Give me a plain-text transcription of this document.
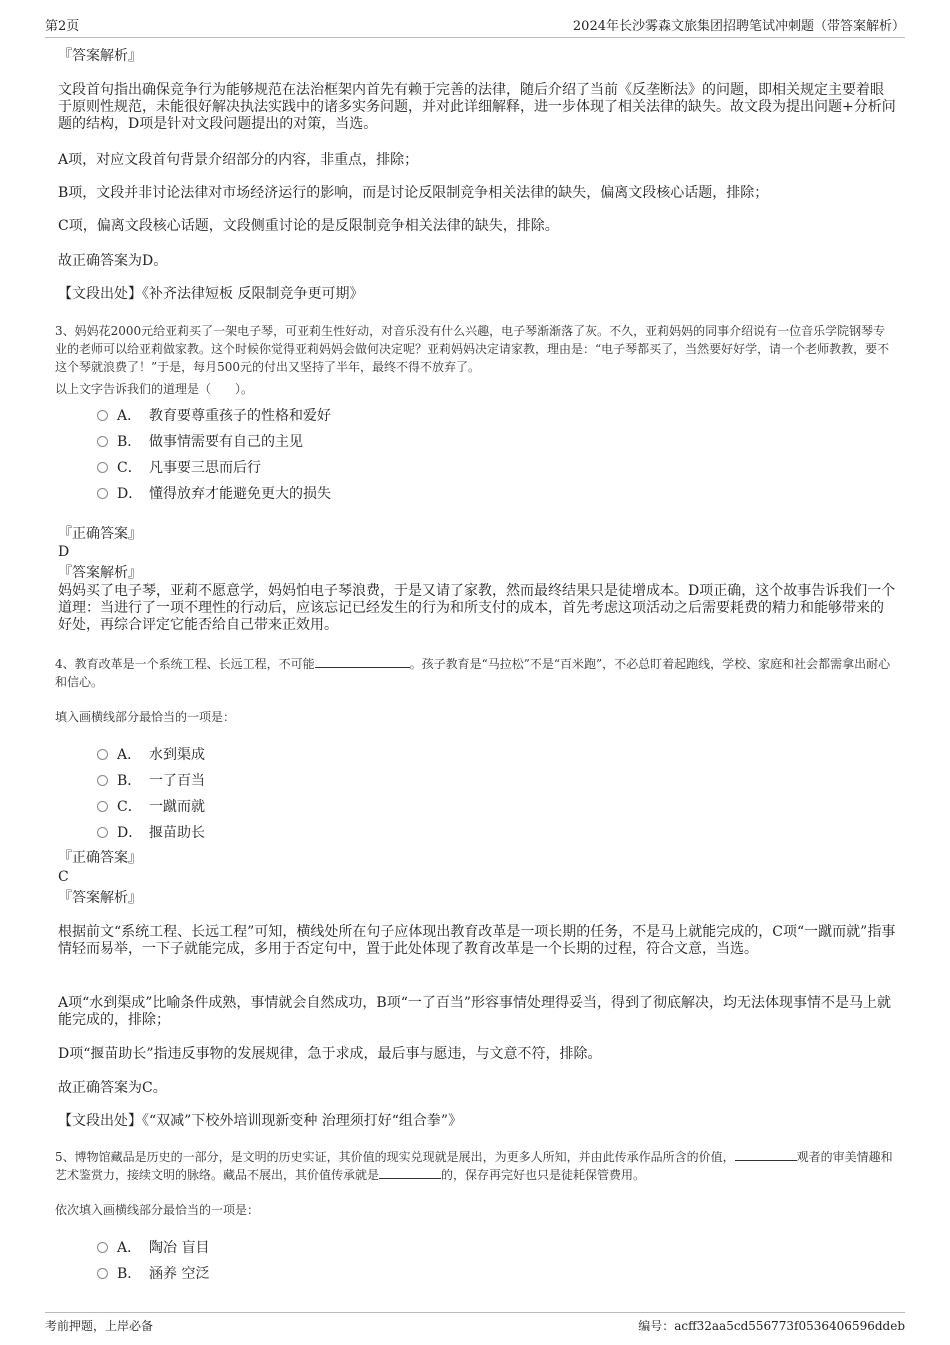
第2页	2024年长沙雾森文旅集团招聘笔试冲刺题（带答案解析）
『答案解析』
文段首句指出确保竞争行为能够规范在法治框架内首先有赖于完善的法律，随后介绍了当前《反垄断法》的问题，即相关规定主要着眼于原则性规范，未能很好解决执法实践中的诸多实务问题，并对此详细解释，进一步体现了相关法律的缺失。故文段为提出问题+分析问题的结构，D项是针对文段问题提出的对策，当选。
A项，对应文段首句背景介绍部分的内容，非重点，排除；
B项，文段并非讨论法律对市场经济运行的影响，而是讨论反限制竞争相关法律的缺失，偏离文段核心话题，排除；
C项，偏离文段核心话题，文段侧重讨论的是反限制竞争相关法律的缺失，排除。
故正确答案为D。
【文段出处】《补齐法律短板 反限制竞争更可期》
3、妈妈花2000元给亚莉买了一架电子琴，可亚莉生性好动，对音乐没有什么兴趣，电子琴渐渐落了灰。不久，亚莉妈妈的同事介绍说有一位音乐学院钢琴专业的老师可以给亚莉做家教。这个时候你觉得亚莉妈妈会做何决定呢？亚莉妈妈决定请家教，理由是：“电子琴都买了，当然要好好学，请一个老师教教，要不这个琴就浪费了！”于是，每月500元的付出又坚持了半年，最终不得不放弃了。
以上文字告诉我们的道理是（　　）。
A． 教育要尊重孩子的性格和爱好
B． 做事情需要有自己的主见
C． 凡事要三思而后行
D． 懂得放弃才能避免更大的损失
『正确答案』
D
『答案解析』
妈妈买了电子琴，亚莉不愿意学，妈妈怕电子琴浪费，于是又请了家教，然而最终结果只是徒增成本。D项正确，这个故事告诉我们一个道理：当进行了一项不理性的行动后，应该忘记已经发生的行为和所支付的成本，首先考虑这项活动之后需要耗费的精力和能够带来的好处，再综合评定它能否给自己带来正效用。
4、教育改革是一个系统工程、长远工程，不可能	。孩子教育是“马拉松”不是“百米跑”，不必总盯着起跑线，学校、家庭和社会都需拿出耐心和信心。
填入画横线部分最恰当的一项是：
A． 水到渠成
B． 一了百当
C． 一蹴而就
D． 揠苗助长
『正确答案』
C
『答案解析』
根据前文“系统工程、长远工程”可知，横线处所在句子应体现出教育改革是一项长期的任务，不是马上就能完成的，C项“一蹴而就”指事情轻而易举，一下子就能完成，多用于否定句中，置于此处体现了教育改革是一个长期的过程，符合文意，当选。
A项“水到渠成”比喻条件成熟，事情就会自然成功，B项“一了百当”形容事情处理得妥当，得到了彻底解决，均无法体现事情不是马上就能完成的，排除；
D项“揠苗助长”指违反事物的发展规律，急于求成，最后事与愿违，与文意不符，排除。
故正确答案为C。
【文段出处】《“双减”下校外培训现新变种 治理须打好“组合拳”》
5、博物馆藏品是历史的一部分，是文明的历史实证，其价值的现实兑现就是展出，为更多人所知，并由此传承作品所含的价值，	观者的审美情趣和艺术鉴赏力，接续文明的脉络。藏品不展出，其价值传承就是	的，保存再完好也只是徒耗保管费用。
依次填入画横线部分最恰当的一项是：
A． 陶冶 盲目
B． 涵养 空泛
考前押题，上岸必备	编号：acff32aa5cd556773f0536406596ddeb
